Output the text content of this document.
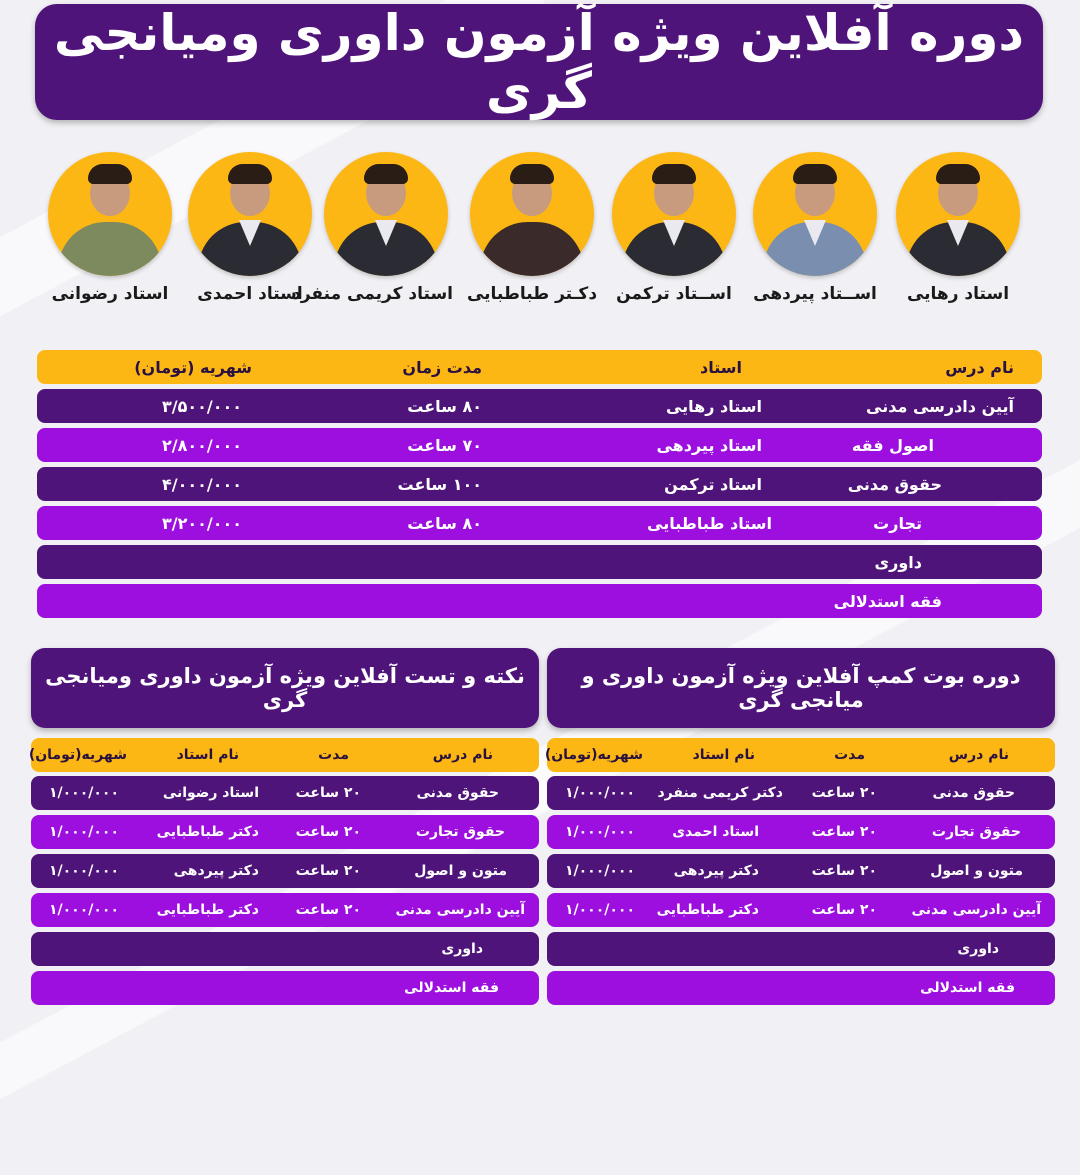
دوره آفلاین ویژه آزمون داوری ومیانجی گری
استاد رهایی
اســتاد پیردهی
اســتاد ترکمن
دکـتر طباطبایی
استاد کریمی منفرد
استاد احمدی
استاد رضوانی
نام درس
استاد
مدت زمان
شهریه (تومان)
آیین دادرسی مدنی
استاد رهایی
۸۰ ساعت
۳/۵۰۰/۰۰۰
اصول فقه
استاد پیردهی
۷۰ ساعت
۲/۸۰۰/۰۰۰
حقوق مدنی
استاد ترکمن
۱۰۰ ساعت
۴/۰۰۰/۰۰۰
تجارت
استاد طباطبایی
۸۰ ساعت
۳/۲۰۰/۰۰۰
داوری
فقه استدلالی
دوره بوت کمپ آفلاین ویژه آزمون داوری و میانجی گری
نام درس
مدت
نام استاد
شهریه(تومان)
حقوق مدنی
۲۰ ساعت
دکتر کریمی منفرد
۱/۰۰۰/۰۰۰
حقوق تجارت
۲۰ ساعت
استاد احمدی
۱/۰۰۰/۰۰۰
متون و اصول
۲۰ ساعت
دکتر پیردهی
۱/۰۰۰/۰۰۰
آیین دادرسی مدنی
۲۰ ساعت
دکتر طباطبایی
۱/۰۰۰/۰۰۰
داوری
فقه استدلالی
نکته و تست آفلاین ویژه آزمون داوری ومیانجی گری
نام درس
مدت
نام استاد
شهریه(تومان)
حقوق مدنی
۲۰ ساعت
استاد رضوانی
۱/۰۰۰/۰۰۰
حقوق تجارت
۲۰ ساعت
دکتر طباطبایی
۱/۰۰۰/۰۰۰
متون و اصول
۲۰ ساعت
دکتر پیردهی
۱/۰۰۰/۰۰۰
آیین دادرسی مدنی
۲۰ ساعت
دکتر طباطبایی
۱/۰۰۰/۰۰۰
داوری
فقه استدلالی
